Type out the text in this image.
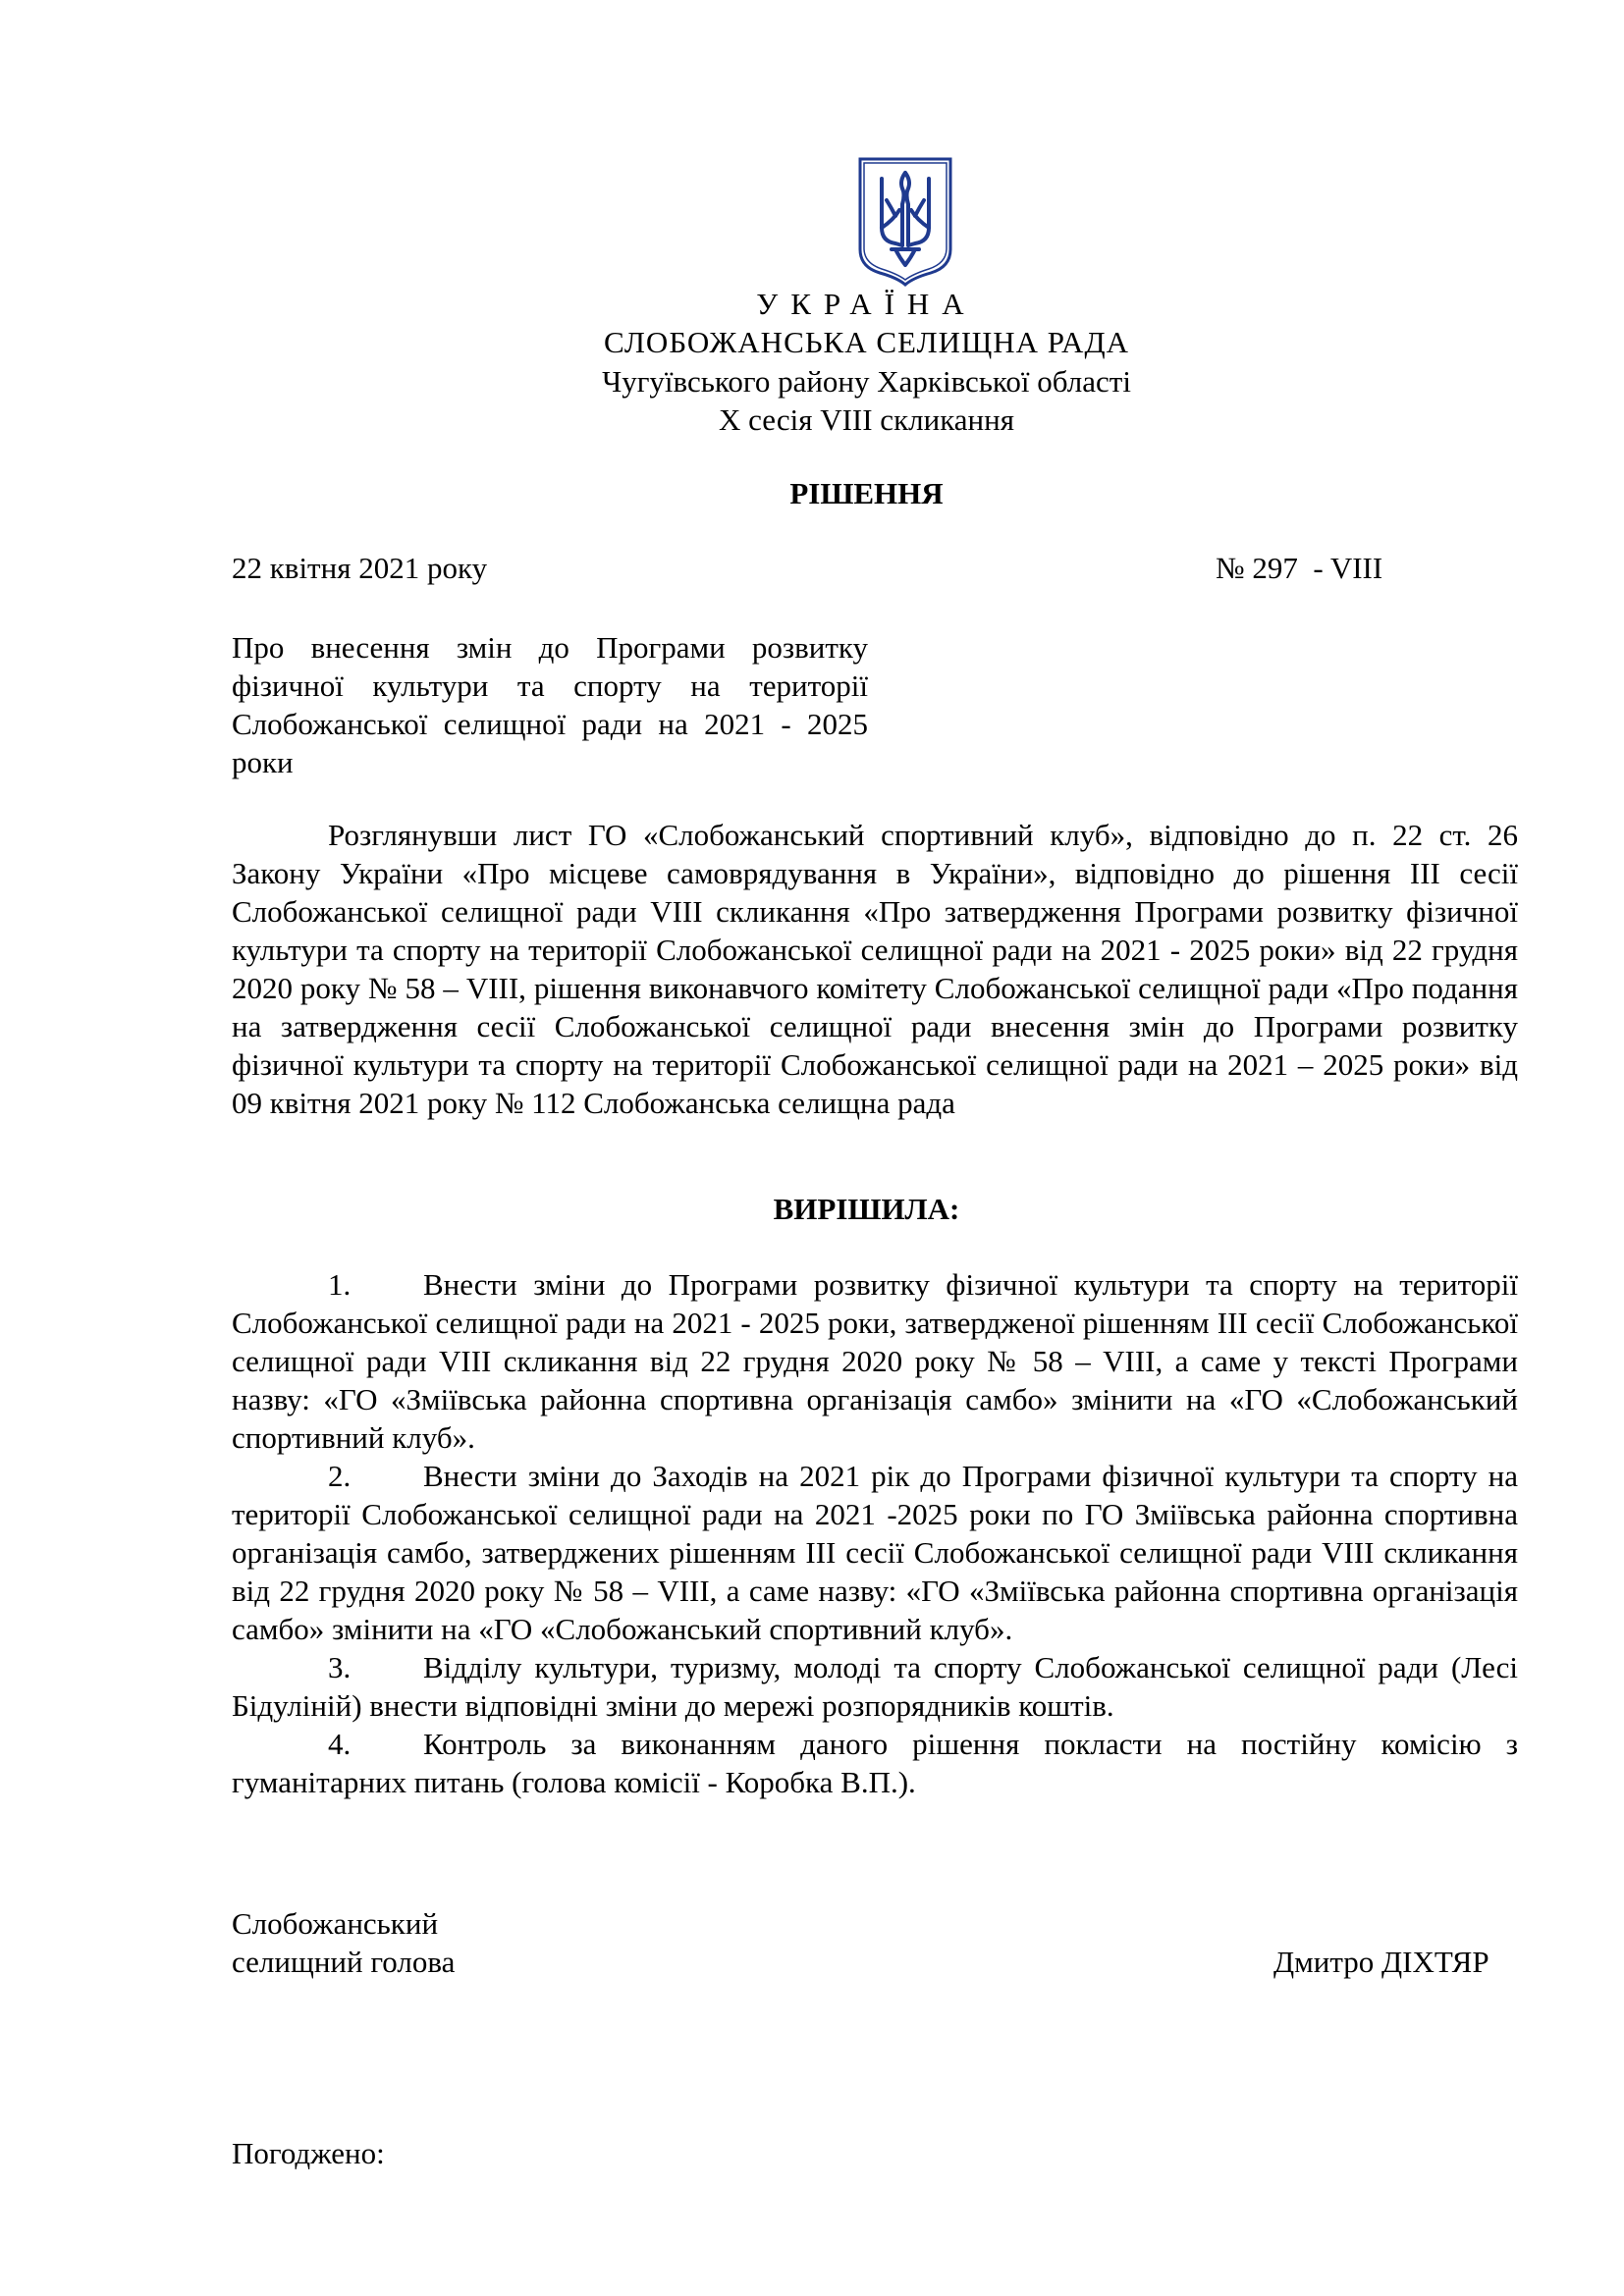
УКРАЇНА
СЛОБОЖАНСЬКА СЕЛИЩНА РАДА
Чугуївського району Харківської області
X сесія VIII скликання
РІШЕННЯ
22 квітня 2021 року	№ 297  - VIII
Про внесення змін до Програми розвитку фізичної культури та спорту на території Слобожанської селищної ради на 2021 - 2025 роки
Розглянувши лист ГО «Слобожанський спортивний клуб», відповідно до п. 22 ст. 26 Закону України «Про місцеве самоврядування в України», відповідно до рішення ІІІ сесії Слобожанської селищної ради VIII скликання «Про затвердження Програми розвитку фізичної культури та спорту на території Слобожанської селищної ради на 2021 - 2025 роки» від 22 грудня 2020 року № 58 – VIII, рішення виконавчого комітету Слобожанської селищної ради «Про подання на затвердження сесії Слобожанської селищної ради внесення змін до Програми розвитку фізичної культури та спорту на території Слобожанської селищної ради на 2021 – 2025 роки» від 09 квітня 2021 року № 112 Слобожанська селищна рада
ВИРІШИЛА:

1. Внести зміни до Програми розвитку фізичної культури та спорту на території Слобожанської селищної ради на 2021 - 2025 роки, затвердженої рішенням ІІІ сесії Слобожанської селищної ради VIII скликання від 22 грудня 2020 року № 58 – VIII, а саме у тексті Програми назву: «ГО «Зміївська районна спортивна організація самбо» змінити на «ГО «Слобожанський спортивний клуб».

2. Внести зміни до Заходів на 2021 рік до Програми фізичної культури та спорту на території Слобожанської селищної ради на 2021 -2025 роки по ГО Зміївська районна спортивна організація самбо, затверджених рішенням ІІІ сесії Слобожанської селищної ради VIII скликання від 22 грудня 2020 року № 58 – VIII, а саме назву: «ГО «Зміївська районна спортивна організація самбо» змінити на «ГО «Слобожанський спортивний клуб».

3. Відділу культури, туризму, молоді та спорту Слобожанської селищної ради (Лесі Бідуліній) внести відповідні зміни до мережі розпорядників коштів.

4. Контроль за виконанням даного рішення покласти на постійну комісію з гуманітарних питань (голова комісії - Коробка В.П.).

Слобожанський
селищний голова	Дмитро ДІХТЯР
Погоджено:
